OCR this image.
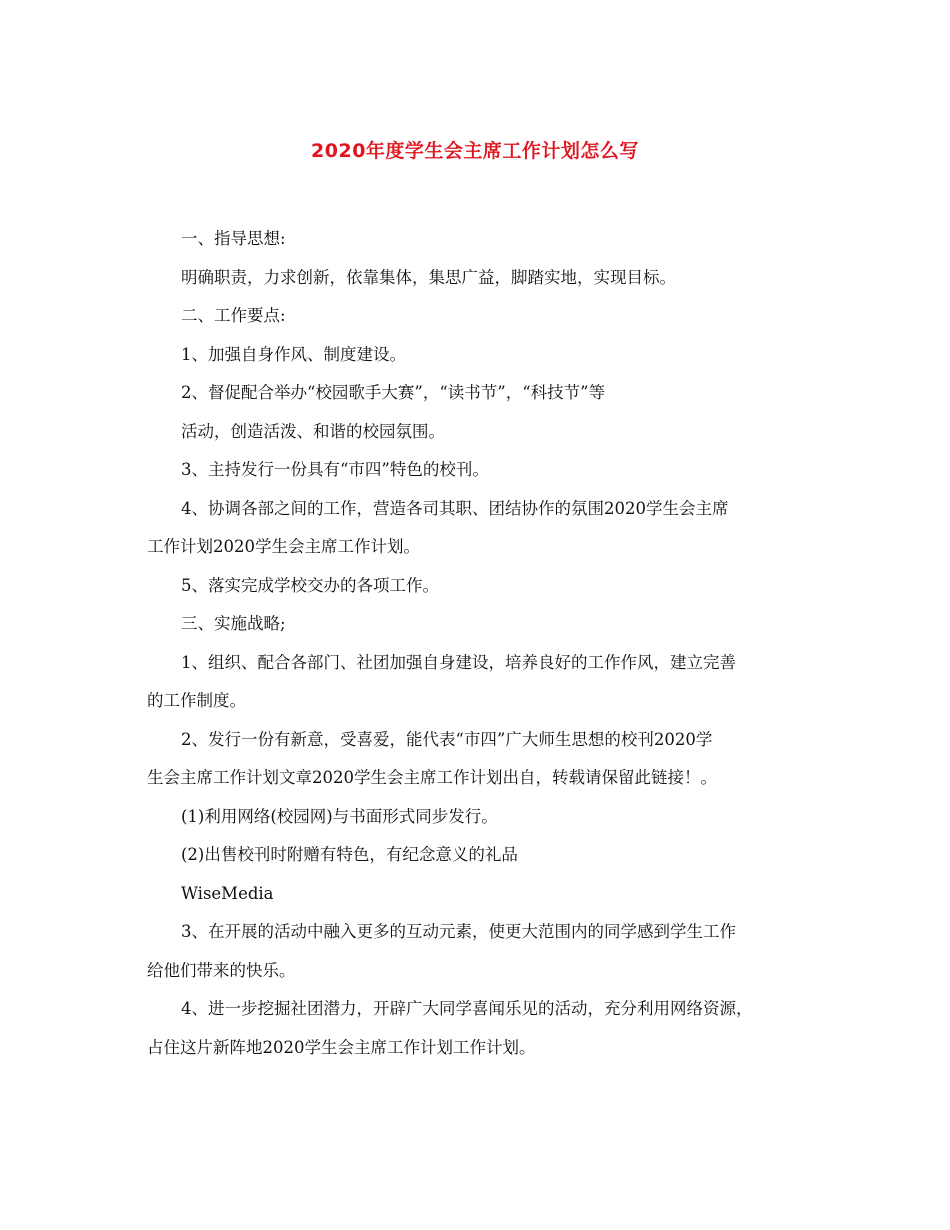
2020年度学生会主席工作计划怎么写
一、指导思想:
明确职责，力求创新，依靠集体，集思广益，脚踏实地，实现目标。
二、工作要点:
1、加强自身作风、制度建设。
2、督促配合举办“校园歌手大赛”，“读书节”，“科技节”等
活动，创造活泼、和谐的校园氛围。
3、主持发行一份具有“市四”特色的校刊。
4、协调各部之间的工作，营造各司其职、团结协作的氛围2020学生会主席
工作计划2020学生会主席工作计划。
5、落实完成学校交办的各项工作。
三、实施战略;
1、组织、配合各部门、社团加强自身建设，培养良好的工作作风，建立完善
的工作制度。
2、发行一份有新意，受喜爱，能代表“市四”广大师生思想的校刊2020学
生会主席工作计划文章2020学生会主席工作计划出自，转载请保留此链接！。
(1)利用网络(校园网)与书面形式同步发行。
(2)出售校刊时附赠有特色，有纪念意义的礼品
WiseMedia
3、在开展的活动中融入更多的互动元素，使更大范围内的同学感到学生工作
给他们带来的快乐。
4、进一步挖掘社团潜力，开辟广大同学喜闻乐见的活动，充分利用网络资源，
占住这片新阵地2020学生会主席工作计划工作计划。
